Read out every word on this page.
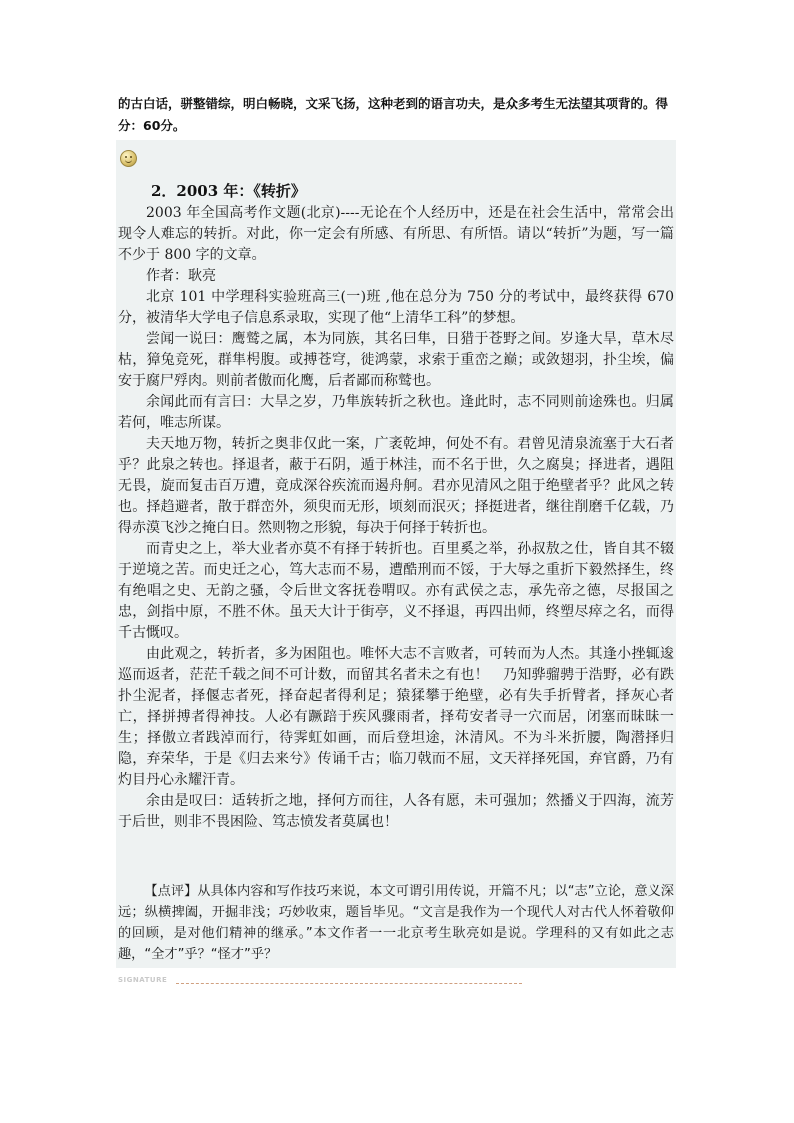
的古白话，骈整错综，明白畅晓，文采飞扬，这种老到的语言功夫，是众多考生无法望其项背的。得分：60分。
2．2003 年：《转折》

2003 年全国高考作文题(北京)----无论在个人经历中，还是在社会生活中，常常会出现令人难忘的转折。对此，你一定会有所感、有所思、有所悟。请以“转折”为题，写一篇不少于 800 字的文章。

作者：耿亮

北京 101 中学理科实验班高三(一)班 ,他在总分为 750 分的考试中，最终获得 670 分，被清华大学电子信息系录取，实现了他“上清华工科”的梦想。

尝闻一说曰：鹰鹫之属，本为同族，其名曰隼，日猎于苍野之间。岁逢大旱，草木尽枯，獐兔竞死，群隼枵腹。或搏苍穹，徙鸿蒙，求索于重峦之巅；或敛翅羽，扑尘埃，偏安于腐尸殍肉。则前者傲而化鹰，后者鄙而称鹫也。

余闻此而有言曰：大旱之岁，乃隼族转折之秋也。逢此时，志不同则前途殊也。归属若何，唯志所谋。

夫天地万物，转折之奥非仅此一案，广袤乾坤，何处不有。君曾见清泉流塞于大石者乎？此泉之转也。择退者，蔽于石阴，遁于林洼，而不名于世，久之腐臭；择进者，遇阻无畏，旋而复击百万遭，竟成深谷疾流而遏舟舸。君亦见清风之阻于绝壁者乎？此风之转也。择趋避者，散于群峦外，须臾而无形，顷刻而泯灭；择挺进者，继往削磨千亿载，乃得赤漠飞沙之掩白日。然则物之形貌，每决于何择于转折也。

而青史之上，举大业者亦莫不有择于转折也。百里奚之举，孙叔敖之仕，皆自其不辍于逆境之苦。而史迁之心，笃大志而不易，遭酷刑而不馁，于大辱之重折下毅然择生，终有绝唱之史、无韵之骚，令后世文客抚卷喟叹。亦有武侯之志，承先帝之德，尽报国之忠，剑指中原，不胜不休。虽天大计于街亭，义不择退，再四出师，终塑尽瘁之名，而得千古慨叹。

由此观之，转折者，多为困阻也。唯怀大志不言败者，可转而为人杰。其逢小挫辄逡巡而返者，茫茫千载之间不可计数，而留其名者未之有也！　乃知骅骝骋于浩野，必有跌扑尘泥者，择偃志者死，择奋起者得利足；猿猱攀于绝壁，必有失手折臂者，择灰心者亡，择拼搏者得神技。人必有蹶踣于疾风骤雨者，择苟安者寻一穴而居，闭塞而昧昧一生；择傲立者践淖而行，待霁虹如画，而后登坦途，沐清风。不为斗米折腰，陶潜择归隐，弃荣华，于是《归去来兮》传诵千古；临刀戟而不屈，文天祥择死国，弃官爵，乃有灼目丹心永耀汗青。

余由是叹曰：适转折之地，择何方而往，人各有愿，未可强加；然播义于四海，流芳于后世，则非不畏困险、笃志愤发者莫属也！

【点评】从具体内容和写作技巧来说，本文可谓引用传说，开篇不凡；以“志”立论，意义深远；纵横捭阖，开掘非浅；巧妙收束，题旨毕见。“文言是我作为一个现代人对古代人怀着敬仰的回顾，是对他们精神的继承。”本文作者一一北京考生耿亮如是说。学理科的又有如此之志趣，“全才”乎？“怪才”乎？

SIGNATURE
